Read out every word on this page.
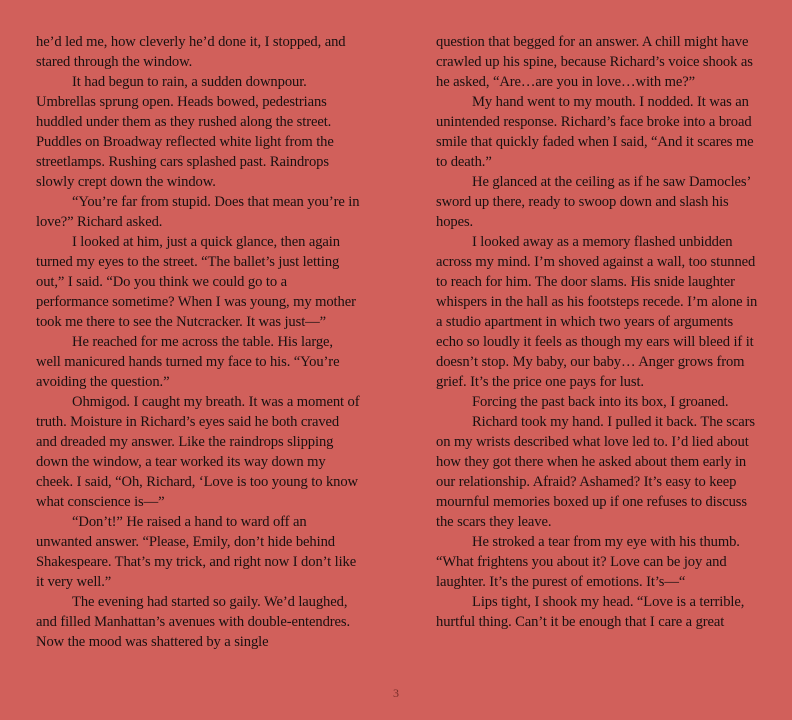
he’d led me, how cleverly he’d done it, I stopped, and stared through the window.

It had begun to rain, a sudden downpour. Umbrellas sprung open. Heads bowed, pedestrians huddled under them as they rushed along the street. Puddles on Broadway reflected white light from the streetlamps. Rushing cars splashed past. Raindrops slowly crept down the window.

“You’re far from stupid. Does that mean you’re in love?” Richard asked.

I looked at him, just a quick glance, then again turned my eyes to the street. “The ballet’s just letting out,” I said. “Do you think we could go to a performance sometime? When I was young, my mother took me there to see the Nutcracker. It was just—”

He reached for me across the table. His large, well manicured hands turned my face to his. “You’re avoiding the question.”

Ohmigod. I caught my breath. It was a moment of truth. Moisture in Richard’s eyes said he both craved and dreaded my answer. Like the raindrops slipping down the window, a tear worked its way down my cheek. I said, “Oh, Richard, ‘Love is too young to know what conscience is—”

“Don’t!” He raised a hand to ward off an unwanted answer. “Please, Emily, don’t hide behind Shakespeare. That’s my trick, and right now I don’t like it very well.”

The evening had started so gaily. We’d laughed, and filled Manhattan’s avenues with double-entendres. Now the mood was shattered by a single

question that begged for an answer. A chill might have crawled up his spine, because Richard’s voice shook as he asked, “Are…are you in love…with me?”

My hand went to my mouth. I nodded. It was an unintended response. Richard’s face broke into a broad smile that quickly faded when I said, “And it scares me to death.”

He glanced at the ceiling as if he saw Damocles’ sword up there, ready to swoop down and slash his hopes.

I looked away as a memory flashed unbidden across my mind. I’m shoved against a wall, too stunned to reach for him. The door slams. His snide laughter whispers in the hall as his footsteps recede. I’m alone in a studio apartment in which two years of arguments echo so loudly it feels as though my ears will bleed if it doesn’t stop. My baby, our baby… Anger grows from grief. It’s the price one pays for lust.

Forcing the past back into its box, I groaned.

Richard took my hand. I pulled it back. The scars on my wrists described what love led to. I’d lied about how they got there when he asked about them early in our relationship. Afraid? Ashamed? It’s easy to keep mournful memories boxed up if one refuses to discuss the scars they leave.

He stroked a tear from my eye with his thumb. “What frightens you about it? Love can be joy and laughter. It’s the purest of emotions. It’s—“

Lips tight, I shook my head. “Love is a terrible, hurtful thing. Can’t it be enough that I care a great

3
